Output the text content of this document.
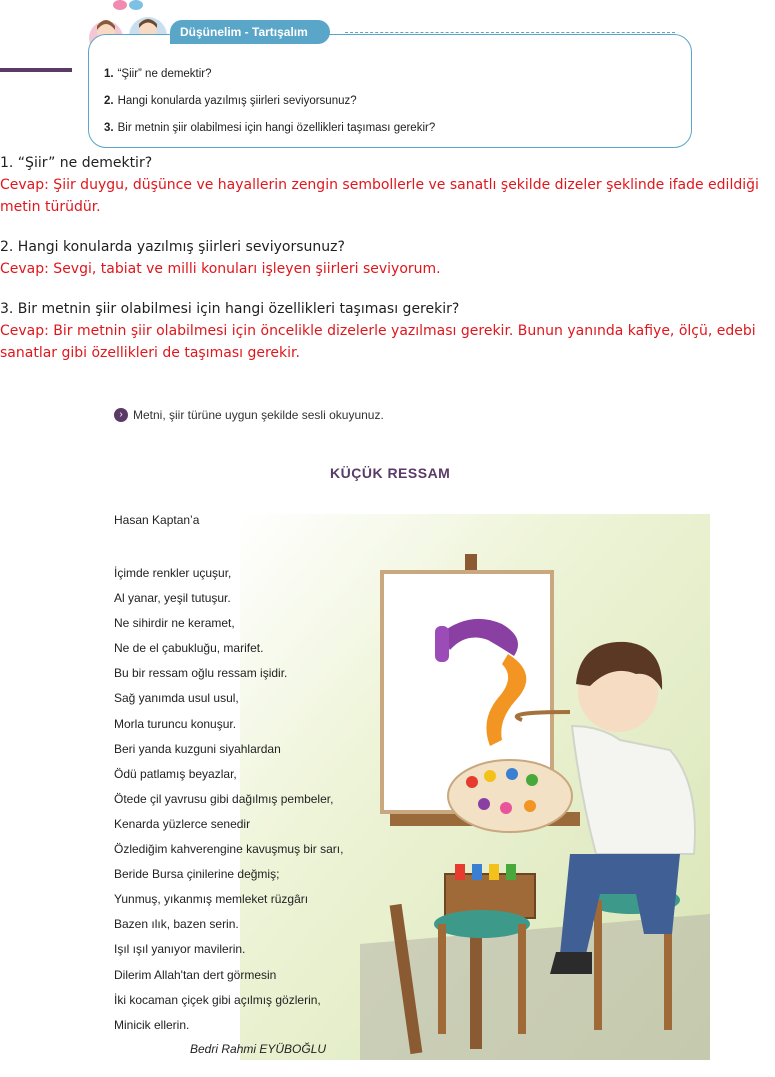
Düşünelim - Tartışalım
1. “Şiir” ne demektir?
2. Hangi konularda yazılmış şiirleri seviyorsunuz?
3. Bir metnin şiir olabilmesi için hangi özellikleri taşıması gerekir?
1. “Şiir” ne demektir?
Cevap: Şiir duygu, düşünce ve hayallerin zengin sembollerle ve sanatlı şekilde dizeler şeklinde ifade edildiği
metin türüdür.
2. Hangi konularda yazılmış şiirleri seviyorsunuz?
Cevap: Sevgi, tabiat ve milli konuları işleyen şiirleri seviyorum.
3. Bir metnin şiir olabilmesi için hangi özellikleri taşıması gerekir?
Cevap: Bir metnin şiir olabilmesi için öncelikle dizelerle yazılması gerekir. Bunun yanında kafiye, ölçü, edebi
sanatlar gibi özellikleri de taşıması gerekir.
› Metni, şiir türüne uygun şekilde sesli okuyunuz.
KÜÇÜK RESSAM
Hasan Kaptan’a
İçimde renkler uçuşur,
Al yanar, yeşil tutuşur.
Ne sihirdir ne keramet,
Ne de el çabukluğu, marifet.
Bu bir ressam oğlu ressam işidir.
Sağ yanımda usul usul,
Morla turuncu konuşur.
Beri yanda kuzguni siyahlardan
Ödü patlamış beyazlar,
Ötede çil yavrusu gibi dağılmış pembeler,
Kenarda yüzlerce senedir
Özlediğim kahverengine kavuşmuş bir sarı,
Beride Bursa çinilerine değmiş;
Yunmuş, yıkanmış memleket rüzgârı
Bazen ılık, bazen serin.
Işıl ışıl yanıyor mavilerin.
Dilerim Allah'tan dert görmesin
İki kocaman çiçek gibi açılmış gözlerin,
Minicik ellerin.
Bedri Rahmi EYÜBOĞLU
